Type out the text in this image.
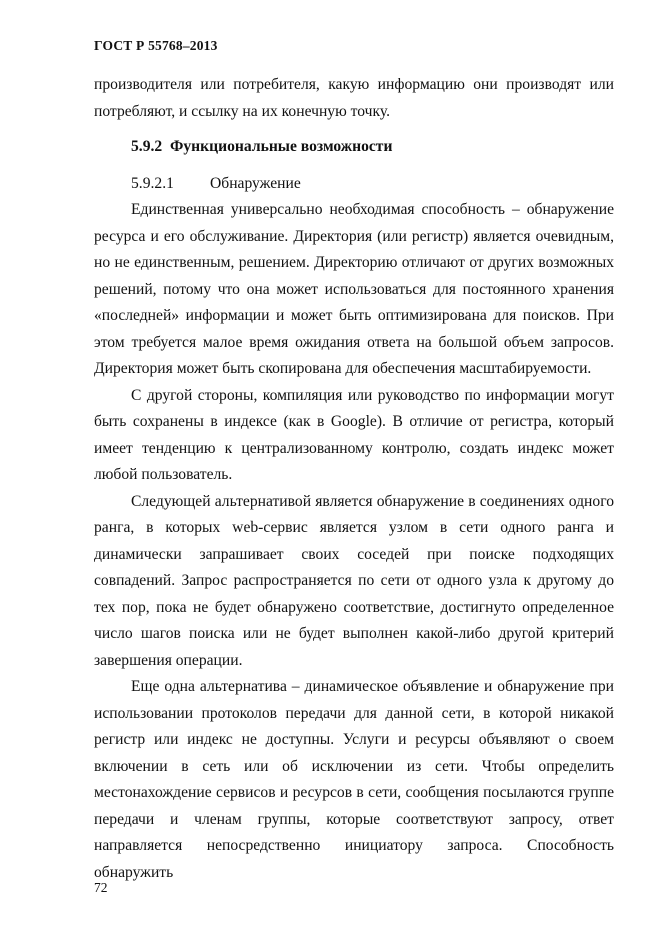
ГОСТ Р 55768–2013

производителя или потребителя, какую информацию они производят или потребляют, и ссылку на их конечную точку.

5.9.2 Функциональные возможности
5.9.2.1 Обнаружение

Единственная универсально необходимая способность – обнаружение ресурса и его обслуживание. Директория (или регистр) является очевидным, но не единственным, решением. Директорию отличают от других возможных решений, потому что она может использоваться для постоянного хранения «последней» информации и может быть оптимизирована для поисков. При этом требуется малое время ожидания ответа на большой объем запросов. Директория может быть скопирована для обеспечения масштабируемости.

С другой стороны, компиляция или руководство по информации могут быть сохранены в индексе (как в Google). В отличие от регистра, который имеет тенденцию к централизованному контролю, создать индекс может любой пользователь.

Следующей альтернативой является обнаружение в соединениях одного ранга, в которых web-сервис является узлом в сети одного ранга и динамически запрашивает своих соседей при поиске подходящих совпадений. Запрос распространяется по сети от одного узла к другому до тех пор, пока не будет обнаружено соответствие, достигнуто определенное число шагов поиска или не будет выполнен какой-либо другой критерий завершения операции.

Еще одна альтернатива – динамическое объявление и обнаружение при использовании протоколов передачи для данной сети, в которой никакой регистр или индекс не доступны. Услуги и ресурсы объявляют о своем включении в сеть или об исключении из сети. Чтобы определить местонахождение сервисов и ресурсов в сети, сообщения посылаются группе передачи и членам группы, которые соответствуют запросу, ответ направляется непосредственно инициатору запроса. Способность обнаружить

72
